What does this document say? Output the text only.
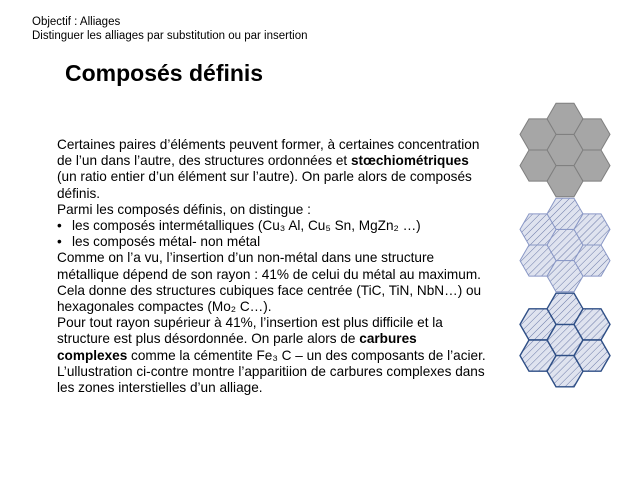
Objectif : Alliages
Distinguer les alliages par substitution ou par insertion
Composés définis

Certaines paires d’éléments peuvent former, à certaines concentration de l’un dans l’autre, des structures ordonnées et stœchiométriques (un ratio entier d’un élément sur l’autre). On parle alors de composés définis.

Parmi les composés définis, on distingue :

• les composés intermétalliques (Cu₃ Al, Cu₅ Sn, MgZn₂ …)

• les composés métal- non métal

Comme on l’a vu, l’insertion d’un non-métal dans une structure métallique dépend de son rayon : 41% de celui du métal au maximum. Cela donne des structures cubiques face centrée (TiC, TiN, NbN…) ou hexagonales compactes (Mo₂ C…).

Pour tout rayon supérieur à 41%, l’insertion est plus difficile et la structure est plus désordonnée. On parle alors de carbures complexes comme la cémentite Fe₃ C – un des composants de l’acier.

L’ullustration ci-contre montre l’apparitiion de carbures complexes dans les zones interstielles d’un alliage.
